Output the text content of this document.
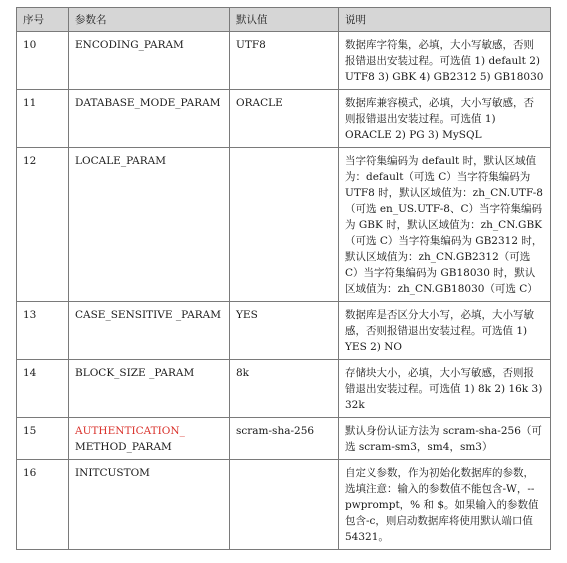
序号	参数名	默认值	说明
10	ENCODING_PARAM	UTF8	数据库字符集，必填，大小写敏感，否则报错退出安装过程。可选值 1) default 2) UTF8 3) GBK 4) GB2312 5) GB18030
11	DATABASE_MODE_PARAM	ORACLE	数据库兼容模式，必填，大小写敏感，否则报错退出安装过程。可选值 1) ORACLE 2) PG 3) MySQL
12	LOCALE_PARAM		当字符集编码为 default 时，默认区域值为：default（可选 C）当字符集编码为 UTF8 时，默认区域值为：zh_CN.UTF-8（可选 en_US.UTF-8、C）当字符集编码为 GBK 时，默认区域值为：zh_CN.GBK（可选 C）当字符集编码为 GB2312 时，默认区域值为：zh_CN.GB2312（可选 C）当字符集编码为 GB18030 时，默认区域值为：zh_CN.GB18030（可选 C）
13	CASE_SENSITIVE _PARAM	YES	数据库是否区分大小写，必填，大小写敏感，否则报错退出安装过程。可选值 1) YES 2) NO
14	BLOCK_SIZE _PARAM	8k	存储块大小，必填，大小写敏感，否则报错退出安装过程。可选值 1) 8k 2) 16k 3) 32k
15	AUTHENTICATION_
METHOD_PARAM	scram-sha-256	默认身份认证方法为 scram-sha-256（可选 scram-sm3，sm4，sm3）
16	INITCUSTOM		自定义参数，作为初始化数据库的参数，选填注意：输入的参数值不能包含-W，--pwprompt，% 和 $。如果输入的参数值包含-c，则启动数据库将使用默认端口值 54321。
